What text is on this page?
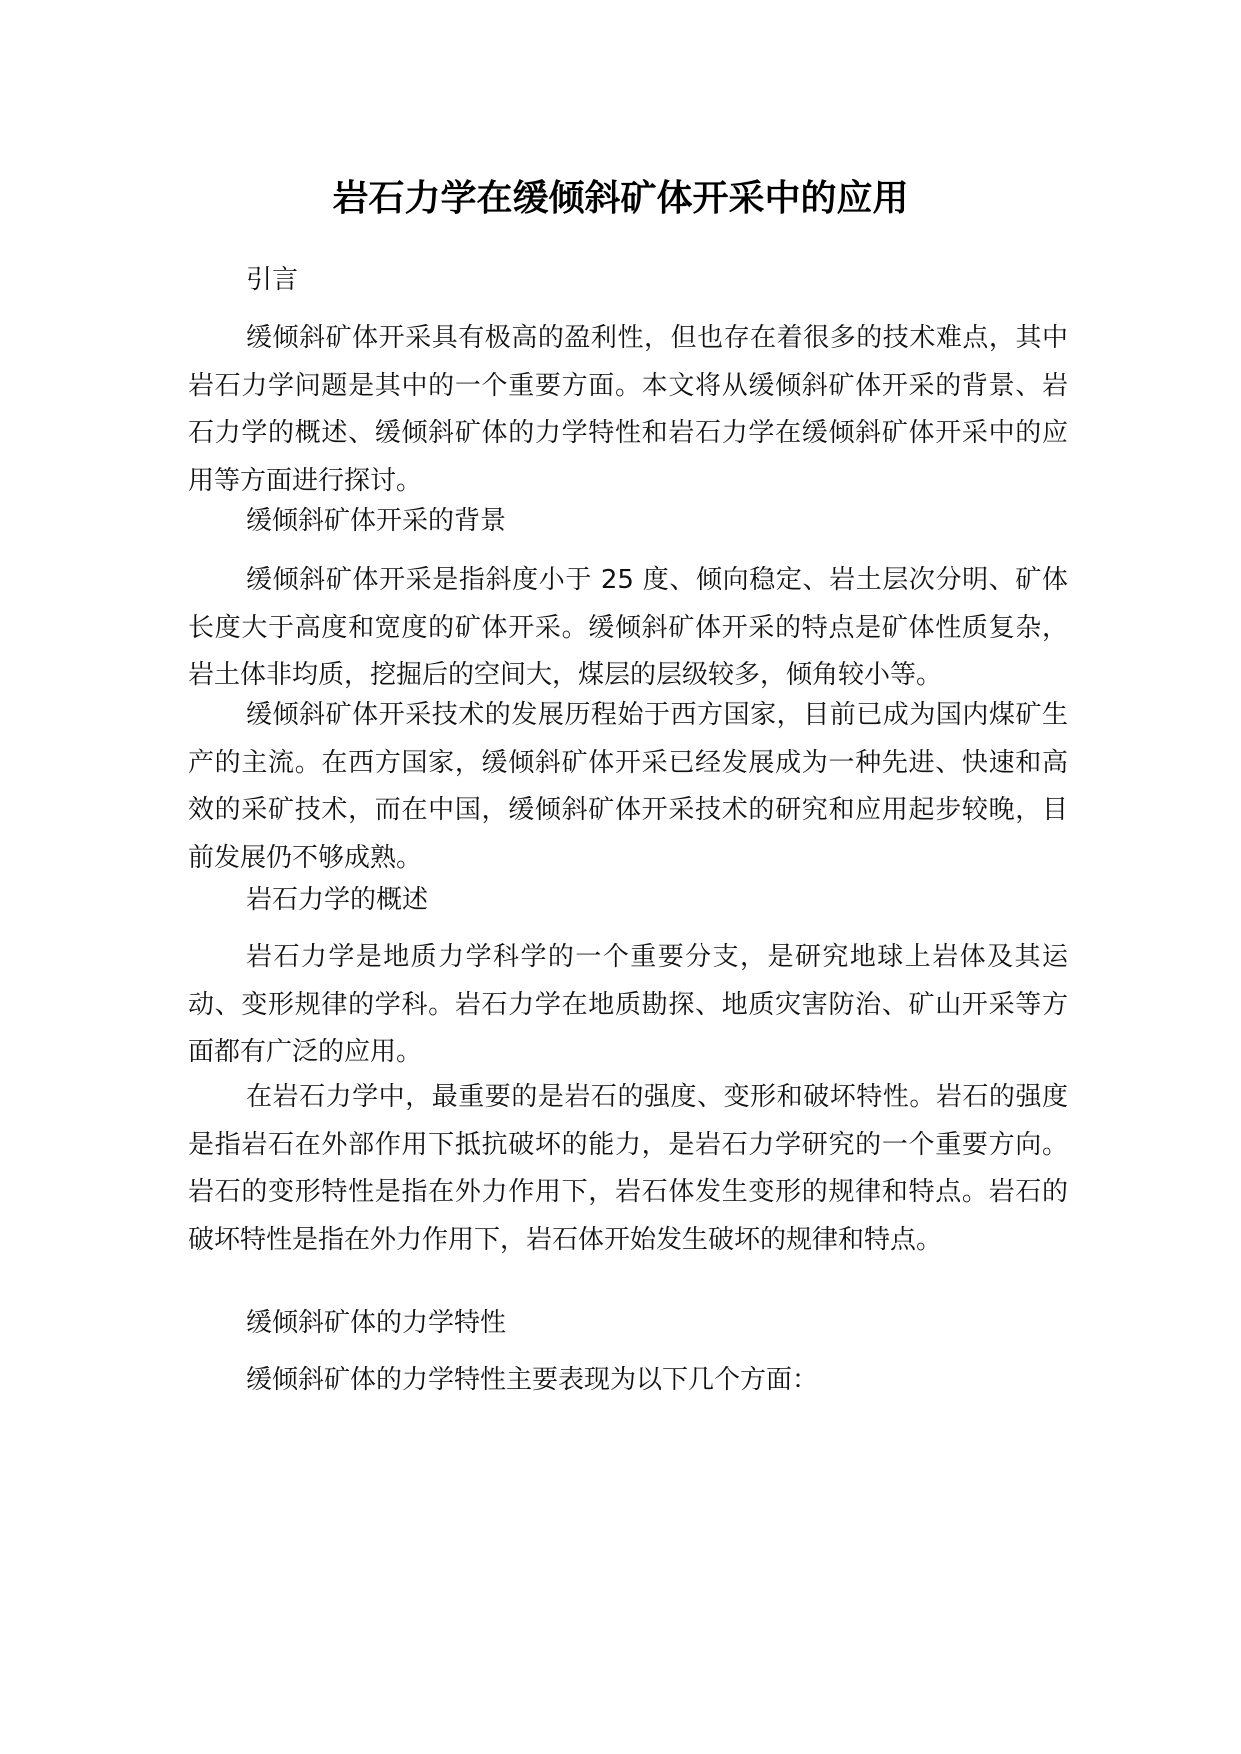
岩石力学在缓倾斜矿体开采中的应用

引言

缓倾斜矿体开采具有极高的盈利性，但也存在着很多的技术难点，其中岩石力学问题是其中的一个重要方面。本文将从缓倾斜矿体开采的背景、岩石力学的概述、缓倾斜矿体的力学特性和岩石力学在缓倾斜矿体开采中的应用等方面进行探讨。

缓倾斜矿体开采的背景

缓倾斜矿体开采是指斜度小于 25 度、倾向稳定、岩土层次分明、矿体长度大于高度和宽度的矿体开采。缓倾斜矿体开采的特点是矿体性质复杂，岩土体非均质，挖掘后的空间大，煤层的层级较多，倾角较小等。

缓倾斜矿体开采技术的发展历程始于西方国家，目前已成为国内煤矿生产的主流。在西方国家，缓倾斜矿体开采已经发展成为一种先进、快速和高效的采矿技术，而在中国，缓倾斜矿体开采技术的研究和应用起步较晚，目前发展仍不够成熟。

岩石力学的概述

岩石力学是地质力学科学的一个重要分支，是研究地球上岩体及其运动、变形规律的学科。岩石力学在地质勘探、地质灾害防治、矿山开采等方面都有广泛的应用。

在岩石力学中，最重要的是岩石的强度、变形和破坏特性。岩石的强度是指岩石在外部作用下抵抗破坏的能力，是岩石力学研究的一个重要方向。岩石的变形特性是指在外力作用下，岩石体发生变形的规律和特点。岩石的破坏特性是指在外力作用下，岩石体开始发生破坏的规律和特点。

缓倾斜矿体的力学特性

缓倾斜矿体的力学特性主要表现为以下几个方面：
